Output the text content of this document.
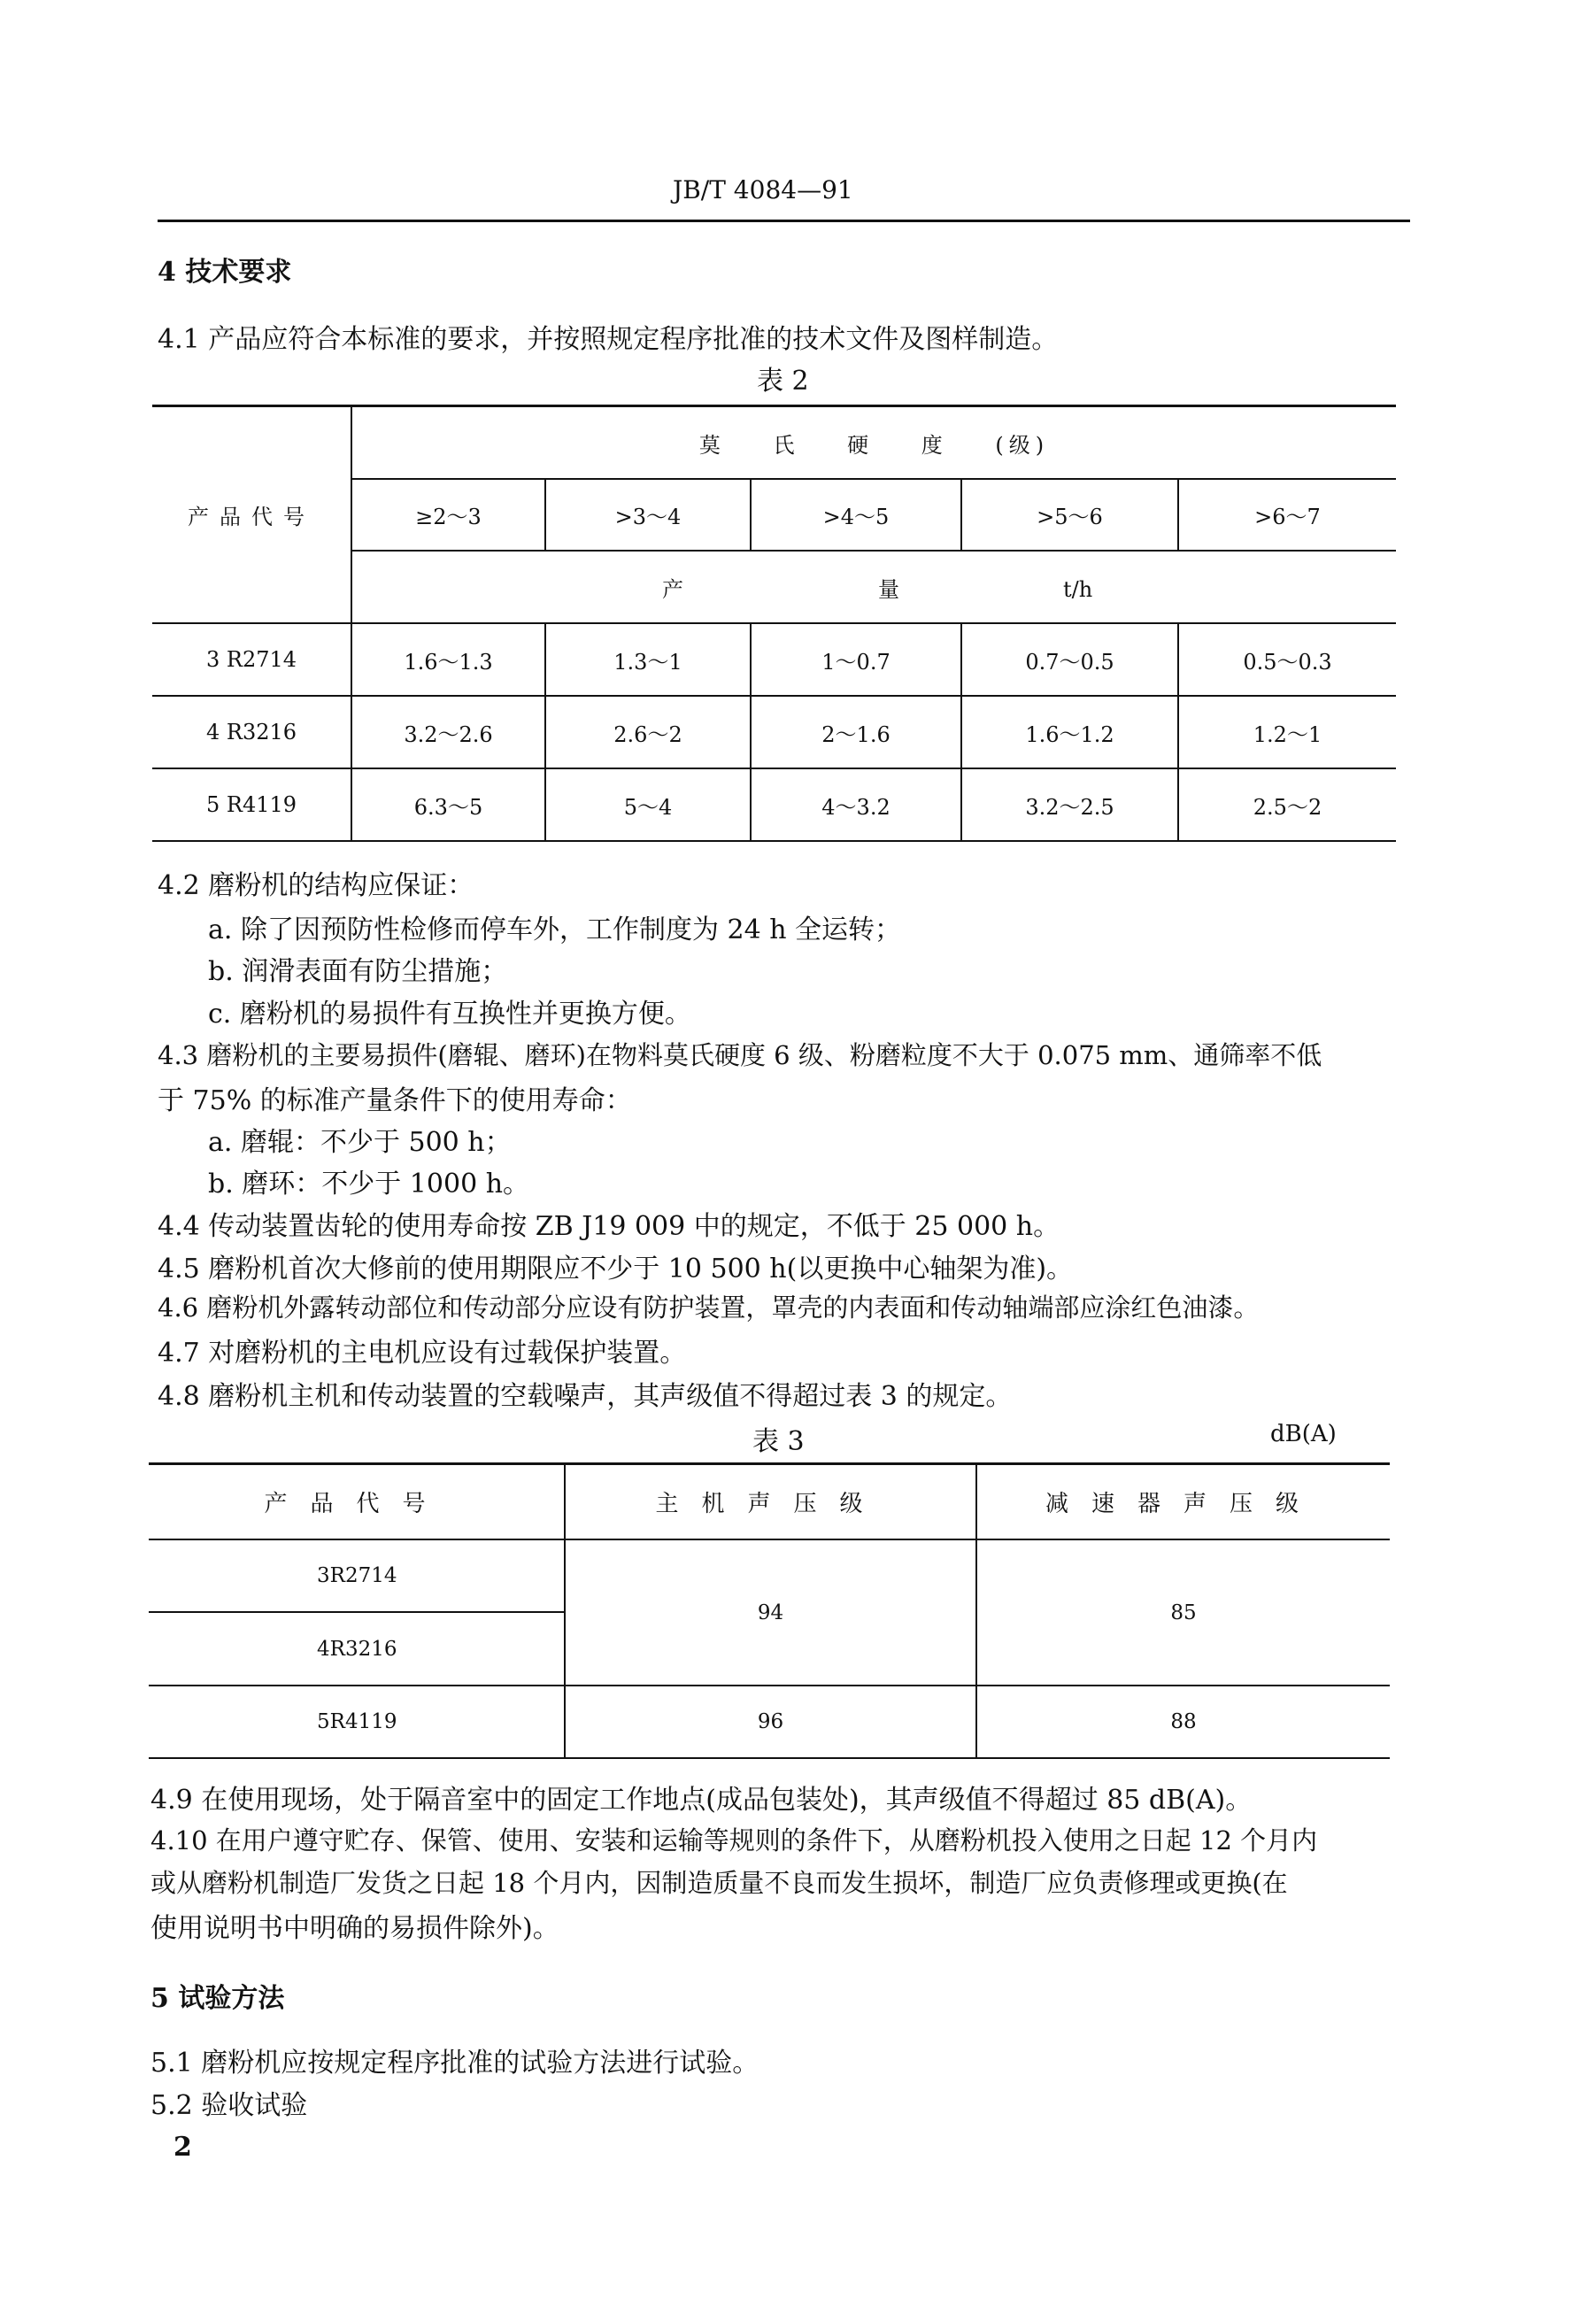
JB/T 4084—91
4 技术要求
4.1 产品应符合本标准的要求，并按照规定程序批准的技术文件及图样制造。
表 2
产品代号	莫 氏 硬 度 (级)				
	≥2～3	>3～4	>4～5	>5～6	>6～7
	产 量 t/h				
3 R2714	1.6～1.3	1.3～1	1～0.7	0.7～0.5	0.5～0.3
4 R3216	3.2～2.6	2.6～2	2～1.6	1.6～1.2	1.2～1
5 R4119	6.3～5	5～4	4～3.2	3.2～2.5	2.5～2
4.2 磨粉机的结构应保证：
a. 除了因预防性检修而停车外，工作制度为 24 h 全运转；
b. 润滑表面有防尘措施；
c. 磨粉机的易损件有互换性并更换方便。
4.3 磨粉机的主要易损件(磨辊、磨环)在物料莫氏硬度 6 级、粉磨粒度不大于 0.075 mm、通筛率不低
于 75% 的标准产量条件下的使用寿命：
a. 磨辊：不少于 500 h；
b. 磨环：不少于 1000 h。
4.4 传动装置齿轮的使用寿命按 ZB J19 009 中的规定，不低于 25 000 h。
4.5 磨粉机首次大修前的使用期限应不少于 10 500 h(以更换中心轴架为准)。
4.6 磨粉机外露转动部位和传动部分应设有防护装置，罩壳的内表面和传动轴端部应涂红色油漆。
4.7 对磨粉机的主电机应设有过载保护装置。
4.8 磨粉机主机和传动装置的空载噪声，其声级值不得超过表 3 的规定。
表 3	dB(A)
产品代号	主机声压级	减速器声压级
3R2714	94	85
4R3216		
5R4119	96	88
4.9 在使用现场，处于隔音室中的固定工作地点(成品包装处)，其声级值不得超过 85 dB(A)。
4.10 在用户遵守贮存、保管、使用、安装和运输等规则的条件下，从磨粉机投入使用之日起 12 个月内
或从磨粉机制造厂发货之日起 18 个月内，因制造质量不良而发生损坏，制造厂应负责修理或更换(在
使用说明书中明确的易损件除外)。
5 试验方法
5.1 磨粉机应按规定程序批准的试验方法进行试验。
5.2 验收试验
2
